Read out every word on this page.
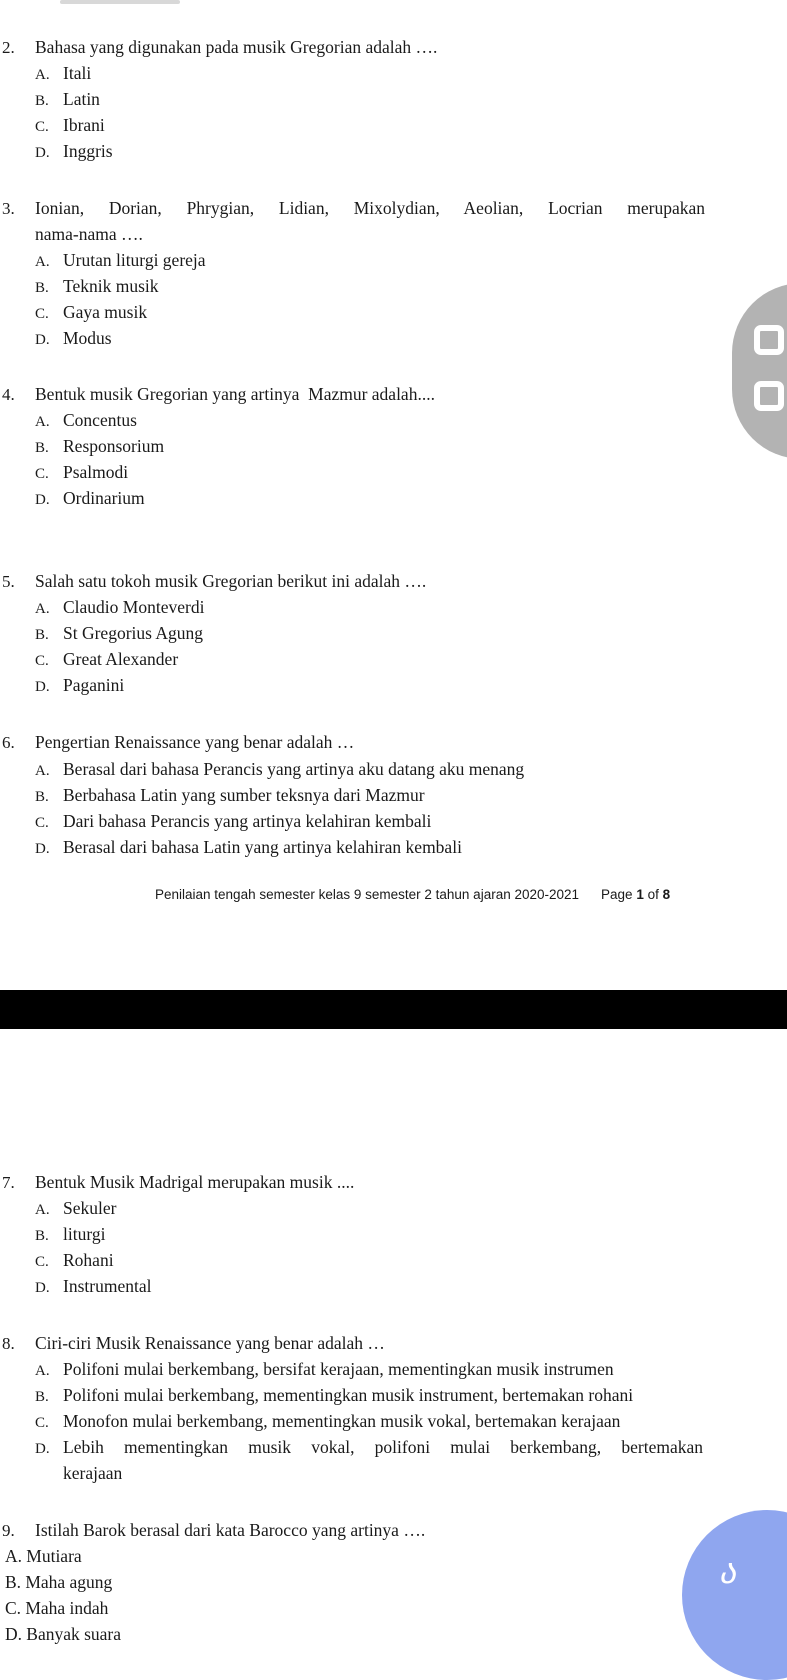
2. Bahasa yang digunakan pada musik Gregorian adalah ….
A. Itali
B. Latin
C. Ibrani
D. Inggris
3. Ionian, Dorian, Phrygian, Lidian, Mixolydian, Aeolian, Locrian merupakan
nama-nama ….
A. Urutan liturgi gereja
B. Teknik musik
C. Gaya musik
D. Modus
4. Bentuk musik Gregorian yang artinya  Mazmur adalah....
A. Concentus
B. Responsorium
C. Psalmodi
D. Ordinarium
5. Salah satu tokoh musik Gregorian berikut ini adalah ….
A. Claudio Monteverdi
B. St Gregorius Agung
C. Great Alexander
D. Paganini
6. Pengertian Renaissance yang benar adalah …
A. Berasal dari bahasa Perancis yang artinya aku datang aku menang
B. Berbahasa Latin yang sumber teksnya dari Mazmur
C. Dari bahasa Perancis yang artinya kelahiran kembali
D. Berasal dari bahasa Latin yang artinya kelahiran kembali
Penilaian tengah semester kelas 9 semester 2 tahun ajaran 2020-2021 Page 1 of 8
7. Bentuk Musik Madrigal merupakan musik ....
A. Sekuler
B. liturgi
C. Rohani
D. Instrumental
8. Ciri-ciri Musik Renaissance yang benar adalah …
A. Polifoni mulai berkembang, bersifat kerajaan, mementingkan musik instrumen
B. Polifoni mulai berkembang, mementingkan musik instrument, bertemakan rohani
C. Monofon mulai berkembang, mementingkan musik vokal, bertemakan kerajaan
D. Lebih mementingkan musik vokal, polifoni mulai berkembang, bertemakan
kerajaan
9. Istilah Barok berasal dari kata Barocco yang artinya ….
A. Mutiara
B. Maha agung
C. Maha indah
D. Banyak suara
ა
